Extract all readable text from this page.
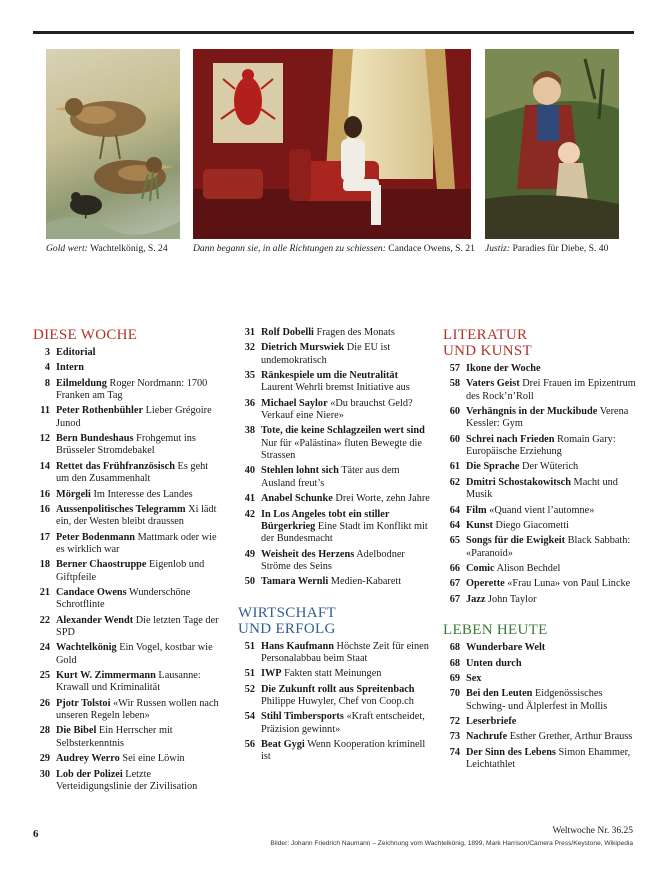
Gold wert: Wachtelkönig, S. 24	Dann begann sie, in alle Richtungen zu schiessen: Candace Owens, S. 21 Justiz: Paradies für Diebe, S. 40
DIESE WOCHE
3 Editorial
4 Intern
8 Eilmeldung Roger Nordmann: 1700 Franken am Tag
11 Peter Rothenbühler Lieber Grégoire Junod
12 Bern Bundeshaus Frohgemut ins Brüsseler Stromdebakel
14 Rettet das Frühfranzösisch Es geht um den Zusammenhalt
16 Mörgeli Im Interesse des Landes
16 Aussenpolitisches Telegramm Xi lädt ein, der Westen bleibt draussen
17 Peter Bodenmann Mattmark oder wie es wirklich war
18 Berner Chaostruppe Eigenlob und Giftpfeile
21 Candace Owens Wunderschöne Schrotflinte
22 Alexander Wendt Die letzten Tage der SPD
24 Wachtelkönig Ein Vogel, kostbar wie Gold
25 Kurt W. Zimmermann Lausanne: Krawall und Kriminalität
26 Pjotr Tolstoi «Wir Russen wollen nach unseren Regeln leben»
28 Die Bibel Ein Herrscher mit Selbsterkenntnis
29 Audrey Werro Sei eine Löwin
30 Lob der Polizei Letzte Verteidigungslinie der Zivilisation
31 Rolf Dobelli Fragen des Monats
32 Dietrich Murswiek Die EU ist undemokratisch
35 Ränkespiele um die Neutralität Laurent Wehrli bremst Initiative aus
36 Michael Saylor «Du brauchst Geld? Verkauf eine Niere»
38 Tote, die keine Schlagzeilen wert sind Nur für «Palästina» fluten Bewegte die Strassen
40 Stehlen lohnt sich Täter aus dem Ausland freut’s
41 Anabel Schunke Drei Worte, zehn Jahre
42 In Los Angeles tobt ein stiller Bürgerkrieg Eine Stadt im Konflikt mit der Bundesmacht
49 Weisheit des Herzens Adelbodner Ströme des Seins
50 Tamara Wernli Medien-Kabarett
WIRTSCHAFT UND ERFOLG
51 Hans Kaufmann Höchste Zeit für einen Personalabbau beim Staat
51 IWP Fakten statt Meinungen
52 Die Zukunft rollt aus Spreitenbach Philippe Huwyler, Chef von Coop.ch
54 Stihl Timbersports «Kraft entscheidet, Präzision gewinnt»
56 Beat Gygi Wenn Kooperation kriminell ist
LITERATUR UND KUNST
57 Ikone der Woche
58 Vaters Geist Drei Frauen im Epizentrum des Rock’n’Roll
60 Verhängnis in der Muckibude Verena Kessler: Gym
60 Schrei nach Frieden Romain Gary: Europäische Erziehung
61 Die Sprache Der Wüterich
62 Dmitri Schostakowitsch Macht und Musik
64 Film «Quand vient l’automne»
64 Kunst Diego Giacometti
65 Songs für die Ewigkeit Black Sabbath: «Paranoid»
66 Comic Alison Bechdel
67 Operette «Frau Luna» von Paul Lincke
67 Jazz John Taylor
LEBEN HEUTE
68 Wunderbare Welt
68 Unten durch
69 Sex
70 Bei den Leuten Eidgenössisches Schwing- und Älplerfest in Mollis
72 Leserbriefe
73 Nachrufe Esther Grether, Arthur Brauss
74 Der Sinn des Lebens Simon Ehammer, Leichtathlet
6	Weltwoche Nr. 36.25
Bilder: Johann Friedrich Naumann – Zeichnung vom Wachtelkönig, 1899, Mark Harrison/Camera Press/Keystone, Wikipedia
